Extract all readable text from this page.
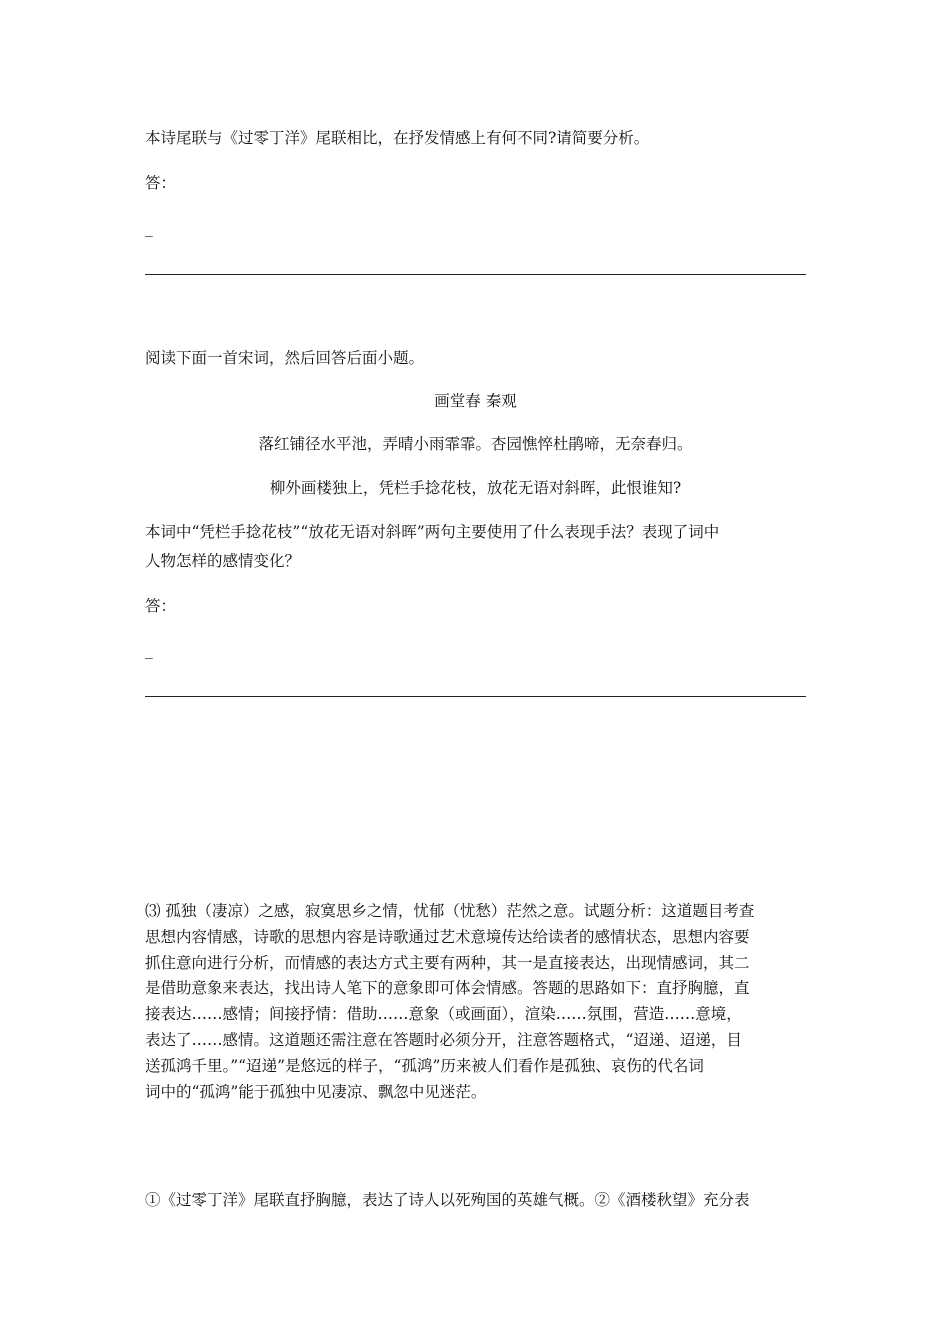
本诗尾联与《过零丁洋》尾联相比，在抒发情感上有何不同?请简要分析。
答：
_
阅读下面一首宋词，然后回答后面小题。
画堂春 秦观
落红铺径水平池，弄晴小雨霏霏。杏园憔悴杜鹃啼，无奈春归。
柳外画楼独上，凭栏手捻花枝，放花无语对斜晖，此恨谁知?
本词中“凭栏手捻花枝”“放花无语对斜晖”两句主要使用了什么表现手法？表现了词中
人物怎样的感情变化？
答：
_
⑶ 孤独（凄凉）之感，寂寞思乡之情，忧郁（忧愁）茫然之意。试题分析：这道题目考查
思想内容情感，诗歌的思想内容是诗歌通过艺术意境传达给读者的感情状态，思想内容要
抓住意向进行分析，而情感的表达方式主要有两种，其一是直接表达，出现情感词，其二
是借助意象来表达，找出诗人笔下的意象即可体会情感。答题的思路如下：直抒胸臆，直
接表达……感情；间接抒情：借助……意象（或画面），渲染……氛围，营造……意境，
表达了……感情。这道题还需注意在答题时必须分开，注意答题格式，“迢递、迢递，目
送孤鸿千里。”“迢递”是悠远的样子，“孤鸿”历来被人们看作是孤独、哀伤的代名词
词中的“孤鸿”能于孤独中见凄凉、飘忽中见迷茫。
①《过零丁洋》尾联直抒胸臆，表达了诗人以死殉国的英雄气概。②《酒楼秋望》充分表
